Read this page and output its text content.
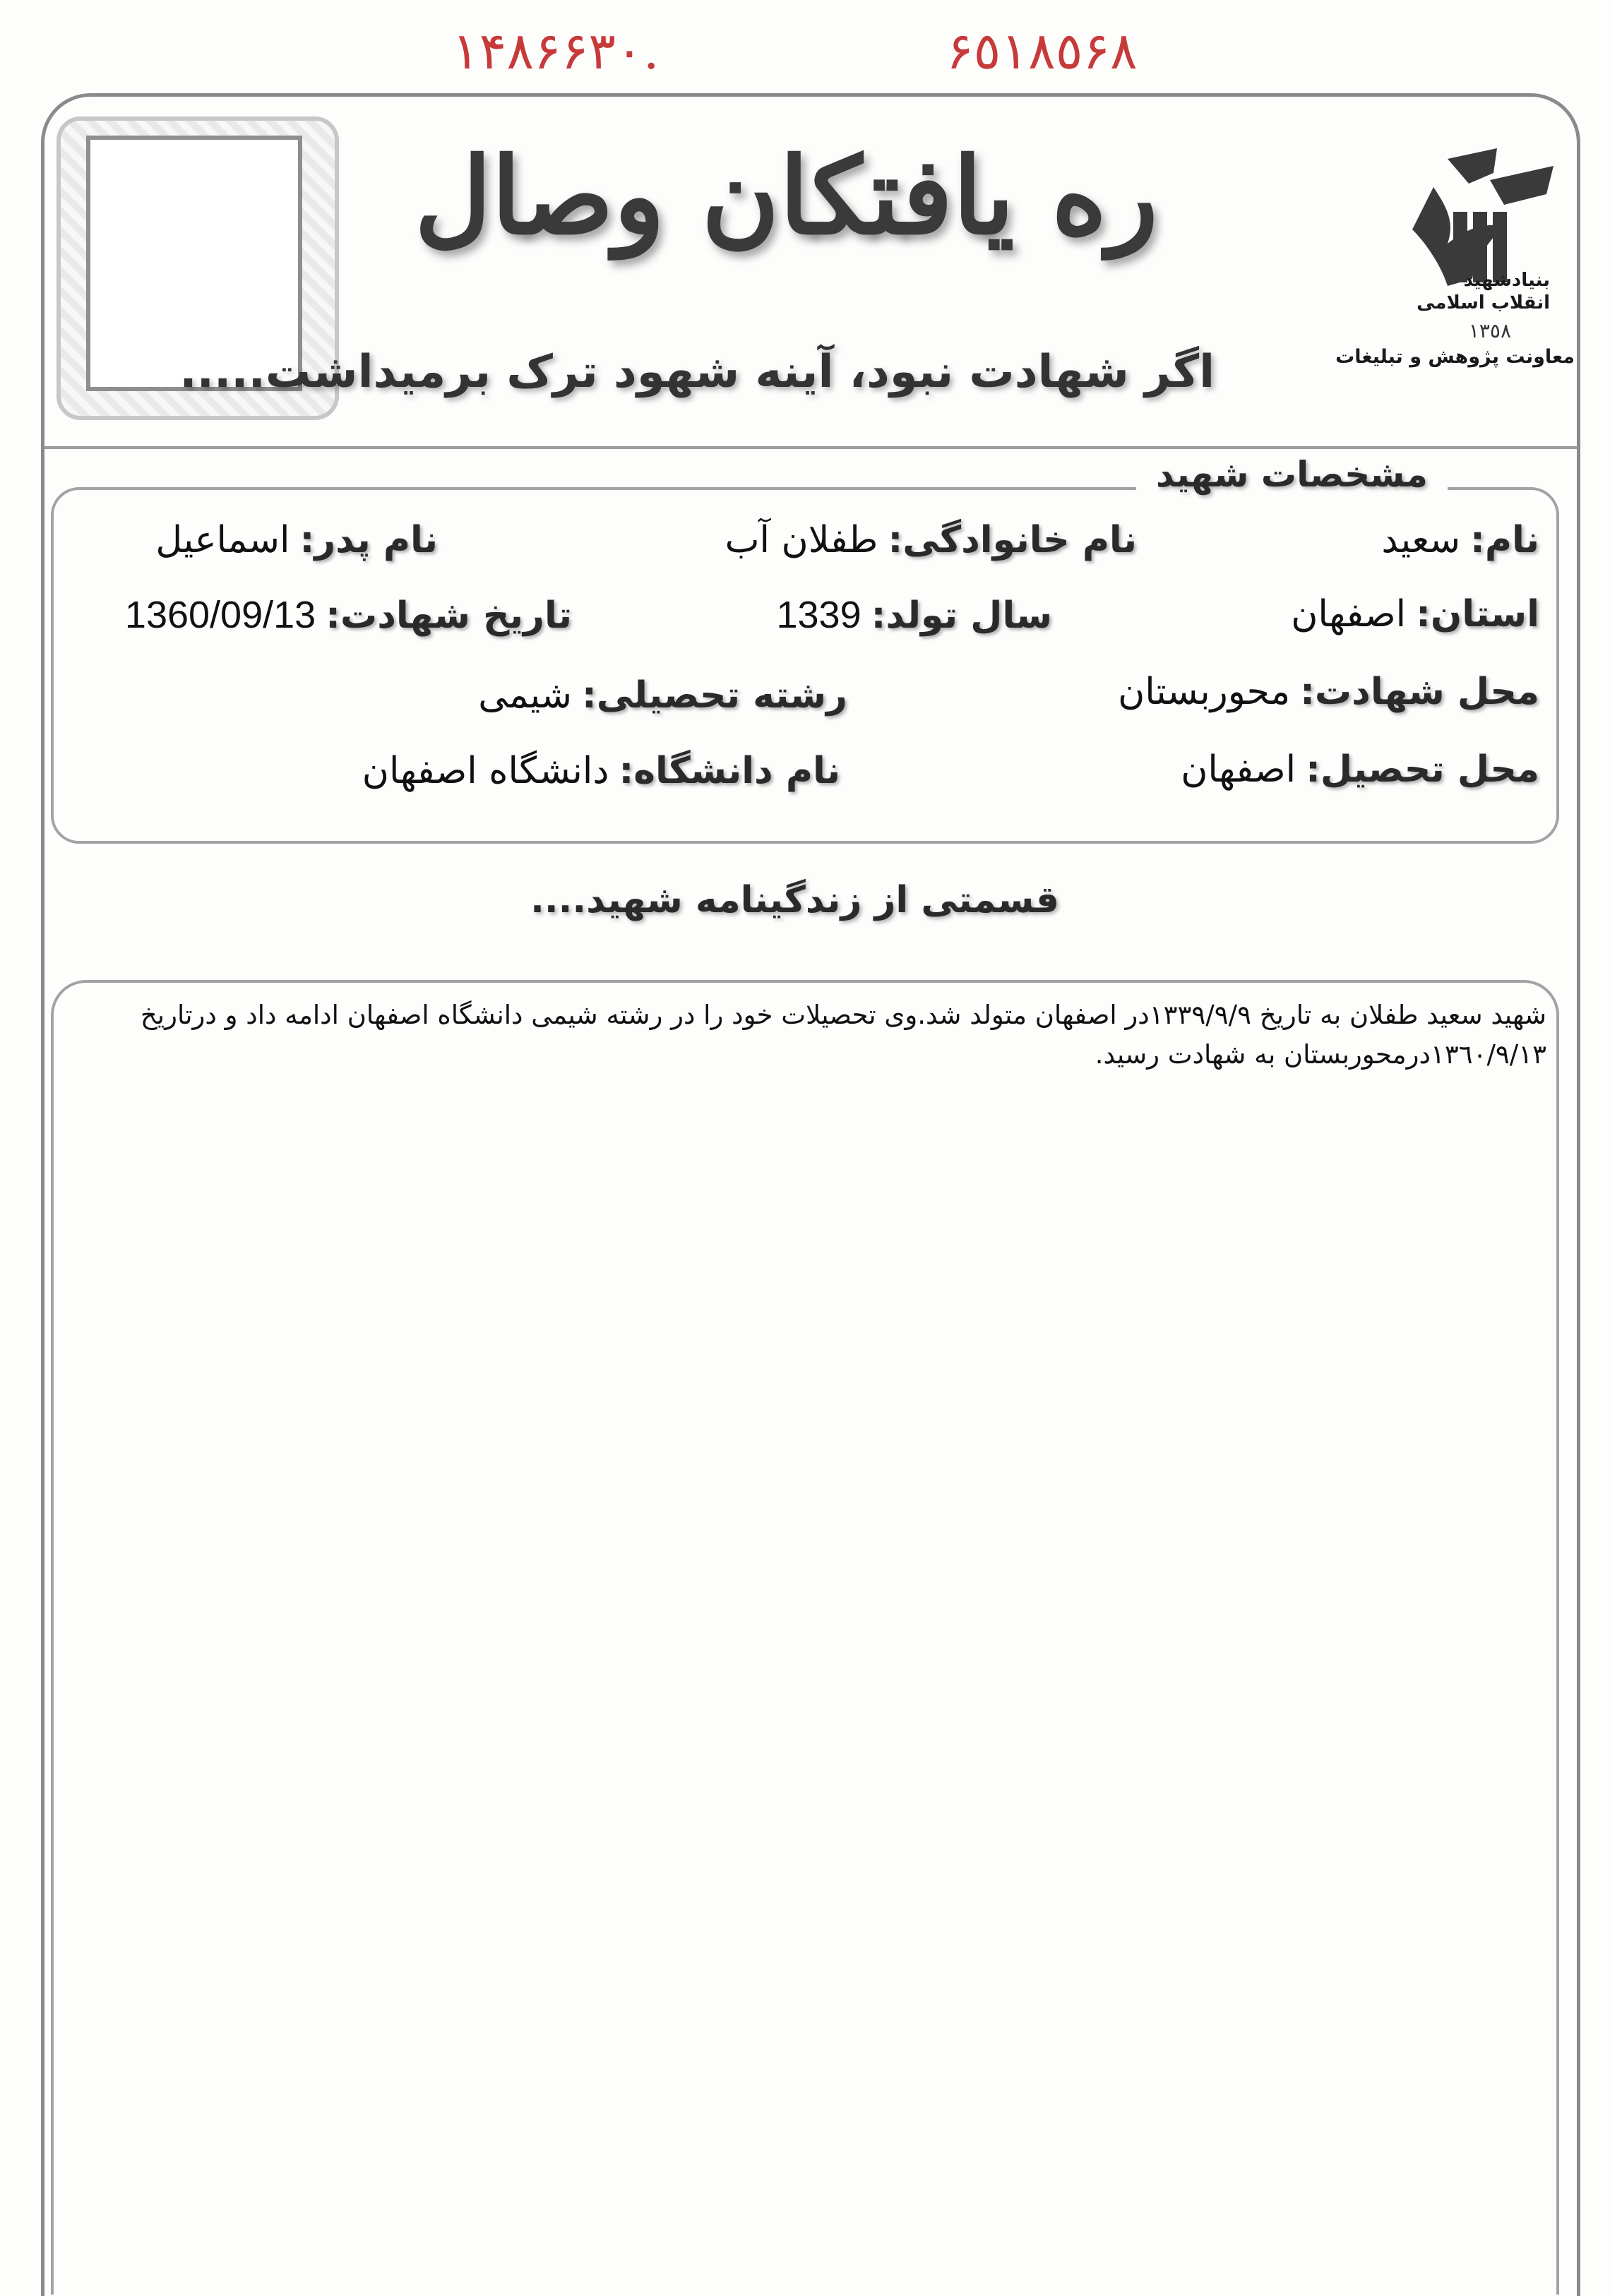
١۴٨۶۶٣٠.	۶٥١٨٥۶٨
ره یافتکان وصال
اگر شهادت نبود، آینه شهود ترک برمیداشت.....
بنیادشهید
انقلاب اسلامی
١٣٥٨
معاونت پژوهش و تبلیغات
مشخصات شهید
نام:سعید
نام خانوادگی:طفلان آب
نام پدر:اسماعیل
استان:اصفهان
سال تولد:1339
تاریخ شهادت:1360/09/13
محل شهادت:محوربستان
رشته تحصیلی:شیمی
محل تحصیل:اصفهان
نام دانشگاه:دانشگاه اصفهان
قسمتی از زندگینامه شهید....
شهید سعید طفلان به تاریخ ١٣٣٩/٩/٩در اصفهان متولد شد.وی تحصیلات خود را در رشته شیمی دانشگاه اصفهان ادامه داد و درتاریخ ١٣٦٠/٩/١٣درمحوربستان به شهادت رسید.
